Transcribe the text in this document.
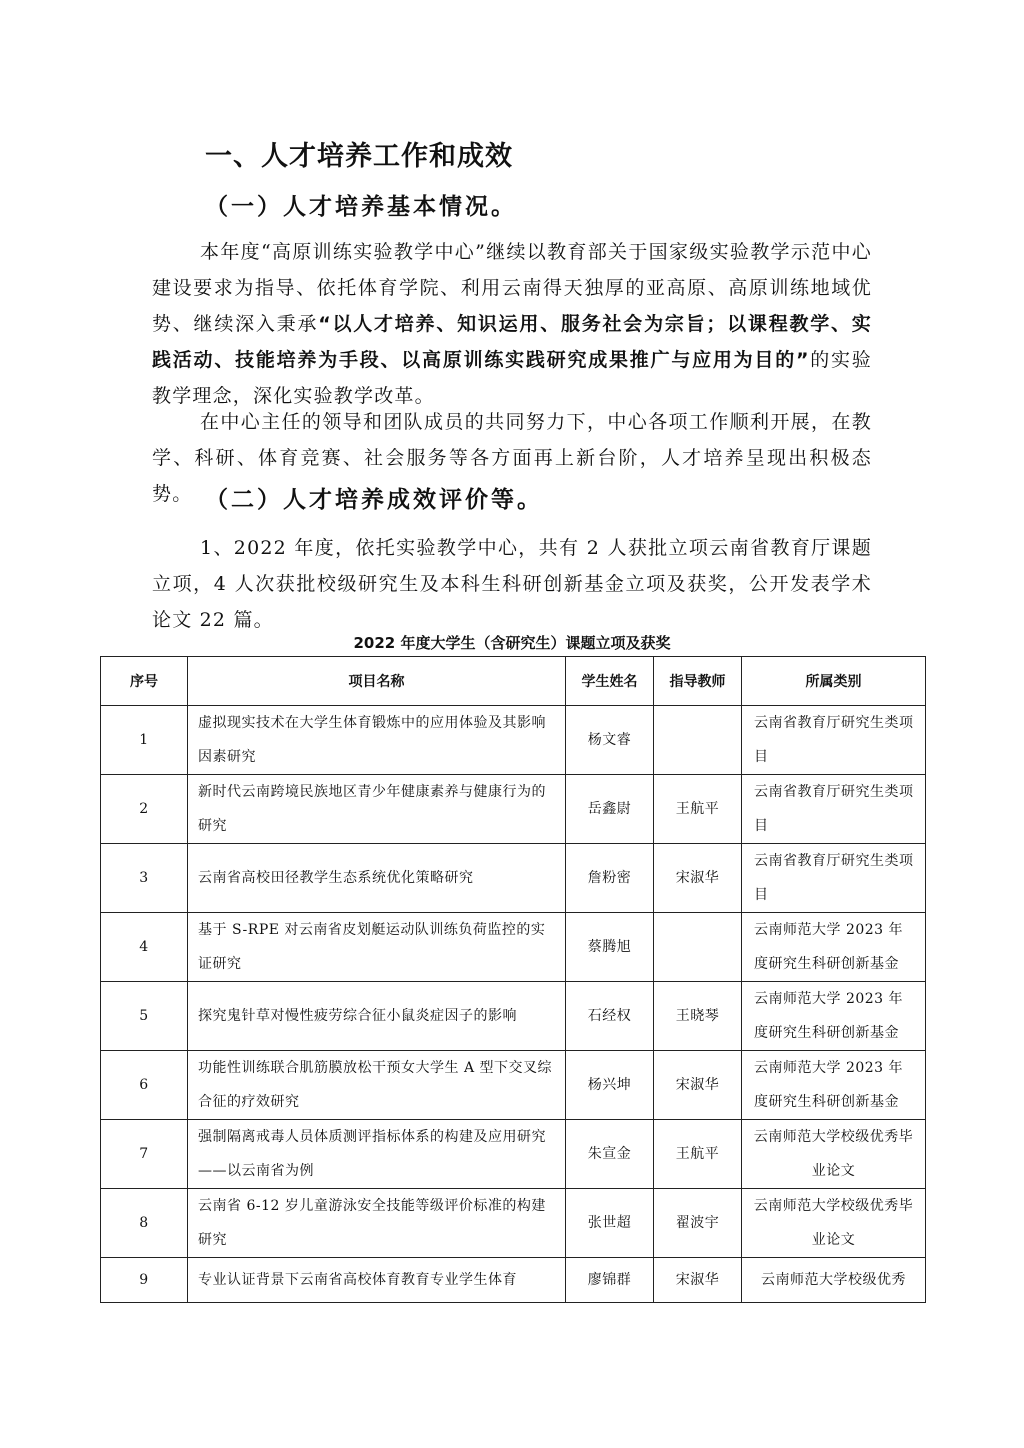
一、人才培养工作和成效
（一）人才培养基本情况。

本年度“高原训练实验教学中心”继续以教育部关于国家级实验教学示范中心建设要求为指导、依托体育学院、利用云南得天独厚的亚高原、高原训练地域优势、继续深入秉承“以人才培养、知识运用、服务社会为宗旨；以课程教学、实践活动、技能培养为手段、以高原训练实践研究成果推广与应用为目的”的实验教学理念，深化实验教学改革。

在中心主任的领导和团队成员的共同努力下，中心各项工作顺利开展，在教学、科研、体育竞赛、社会服务等各方面再上新台阶，人才培养呈现出积极态势。 （二）人才培养成效评价等。

1、2022 年度，依托实验教学中心，共有 2 人获批立项云南省教育厅课题立项，4 人次获批校级研究生及本科生科研创新基金立项及获奖，公开发表学术论文 22 篇。

2022 年度大学生（含研究生）课题立项及获奖
序号	项目名称	学生姓名	指导教师	所属类别
1	虚拟现实技术在大学生体育锻炼中的应用体验及其影响因素研究	杨文睿		云南省教育厅研究生类项目
2	新时代云南跨境民族地区青少年健康素养与健康行为的研究	岳鑫尉	王航平	云南省教育厅研究生类项目
3	云南省高校田径教学生态系统优化策略研究	詹粉密	宋淑华	云南省教育厅研究生类项目
4	基于 S-RPE 对云南省皮划艇运动队训练负荷监控的实证研究	蔡腾旭		云南师范大学 2023 年度研究生科研创新基金
5	探究鬼针草对慢性疲劳综合征小鼠炎症因子的影响	石经权	王晓琴	云南师范大学 2023 年度研究生科研创新基金
6	功能性训练联合肌筋膜放松干预女大学生 A 型下交叉综合征的疗效研究	杨兴坤	宋淑华	云南师范大学 2023 年度研究生科研创新基金
7	强制隔离戒毒人员体质测评指标体系的构建及应用研究——以云南省为例	朱宣金	王航平	云南师范大学校级优秀毕业论文
8	云南省 6-12 岁儿童游泳安全技能等级评价标准的构建研究	张世超	翟波宇	云南师范大学校级优秀毕业论文
9	专业认证背景下云南省高校体育教育专业学生体育	廖锦群	宋淑华	云南师范大学校级优秀
